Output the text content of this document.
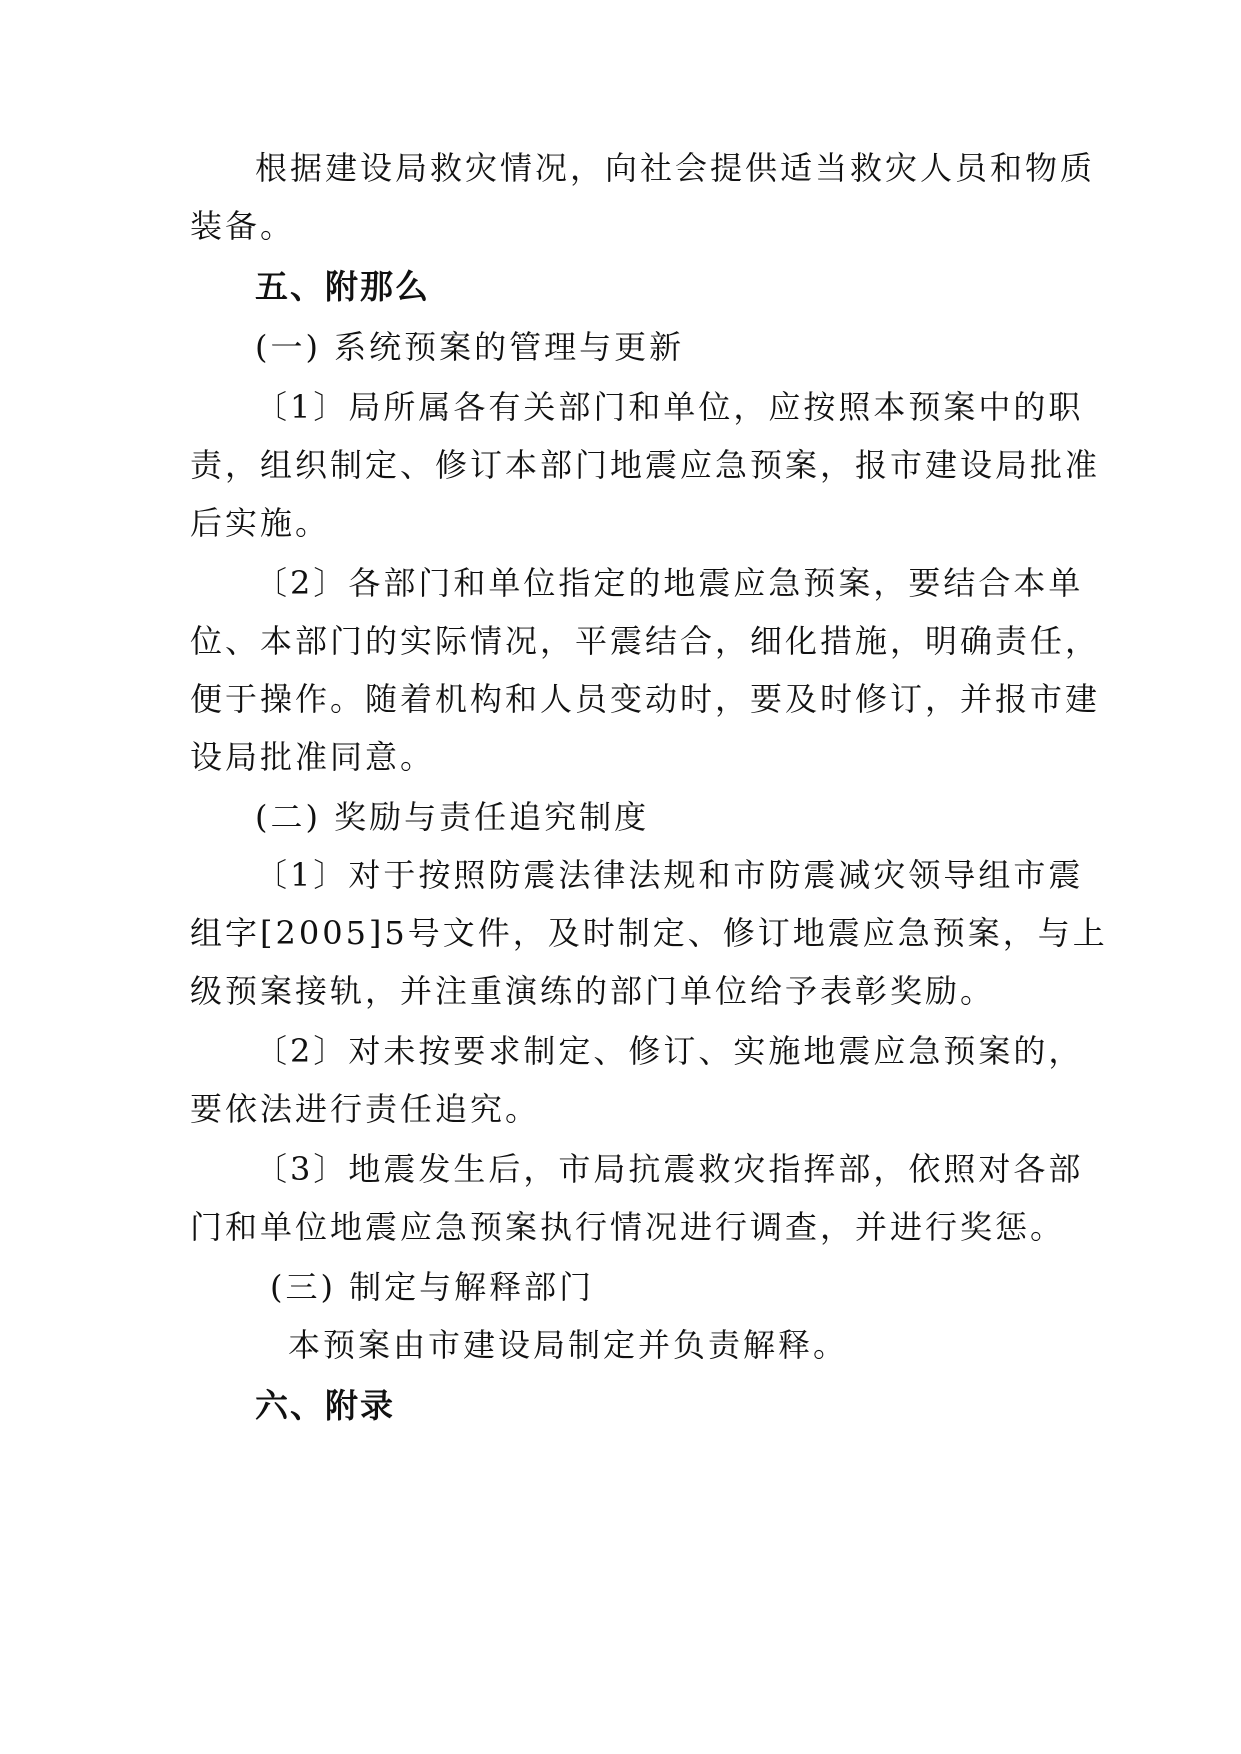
根据建设局救灾情况，向社会提供适当救灾人员和物质
装备。
五、附那么
(一) 系统预案的管理与更新
〔1〕局所属各有关部门和单位，应按照本预案中的职
责，组织制定、修订本部门地震应急预案，报市建设局批准
后实施。
〔2〕各部门和单位指定的地震应急预案，要结合本单
位、本部门的实际情况，平震结合，细化措施，明确责任，
便于操作。随着机构和人员变动时，要及时修订，并报市建
设局批准同意。
(二) 奖励与责任追究制度
〔1〕对于按照防震法律法规和市防震减灾领导组市震
组字[2005]5号文件，及时制定、修订地震应急预案，与上
级预案接轨，并注重演练的部门单位给予表彰奖励。
〔2〕对未按要求制定、修订、实施地震应急预案的，
要依法进行责任追究。
〔3〕地震发生后，市局抗震救灾指挥部，依照对各部
门和单位地震应急预案执行情况进行调查，并进行奖惩。
(三) 制定与解释部门
本预案由市建设局制定并负责解释。
六、附录
